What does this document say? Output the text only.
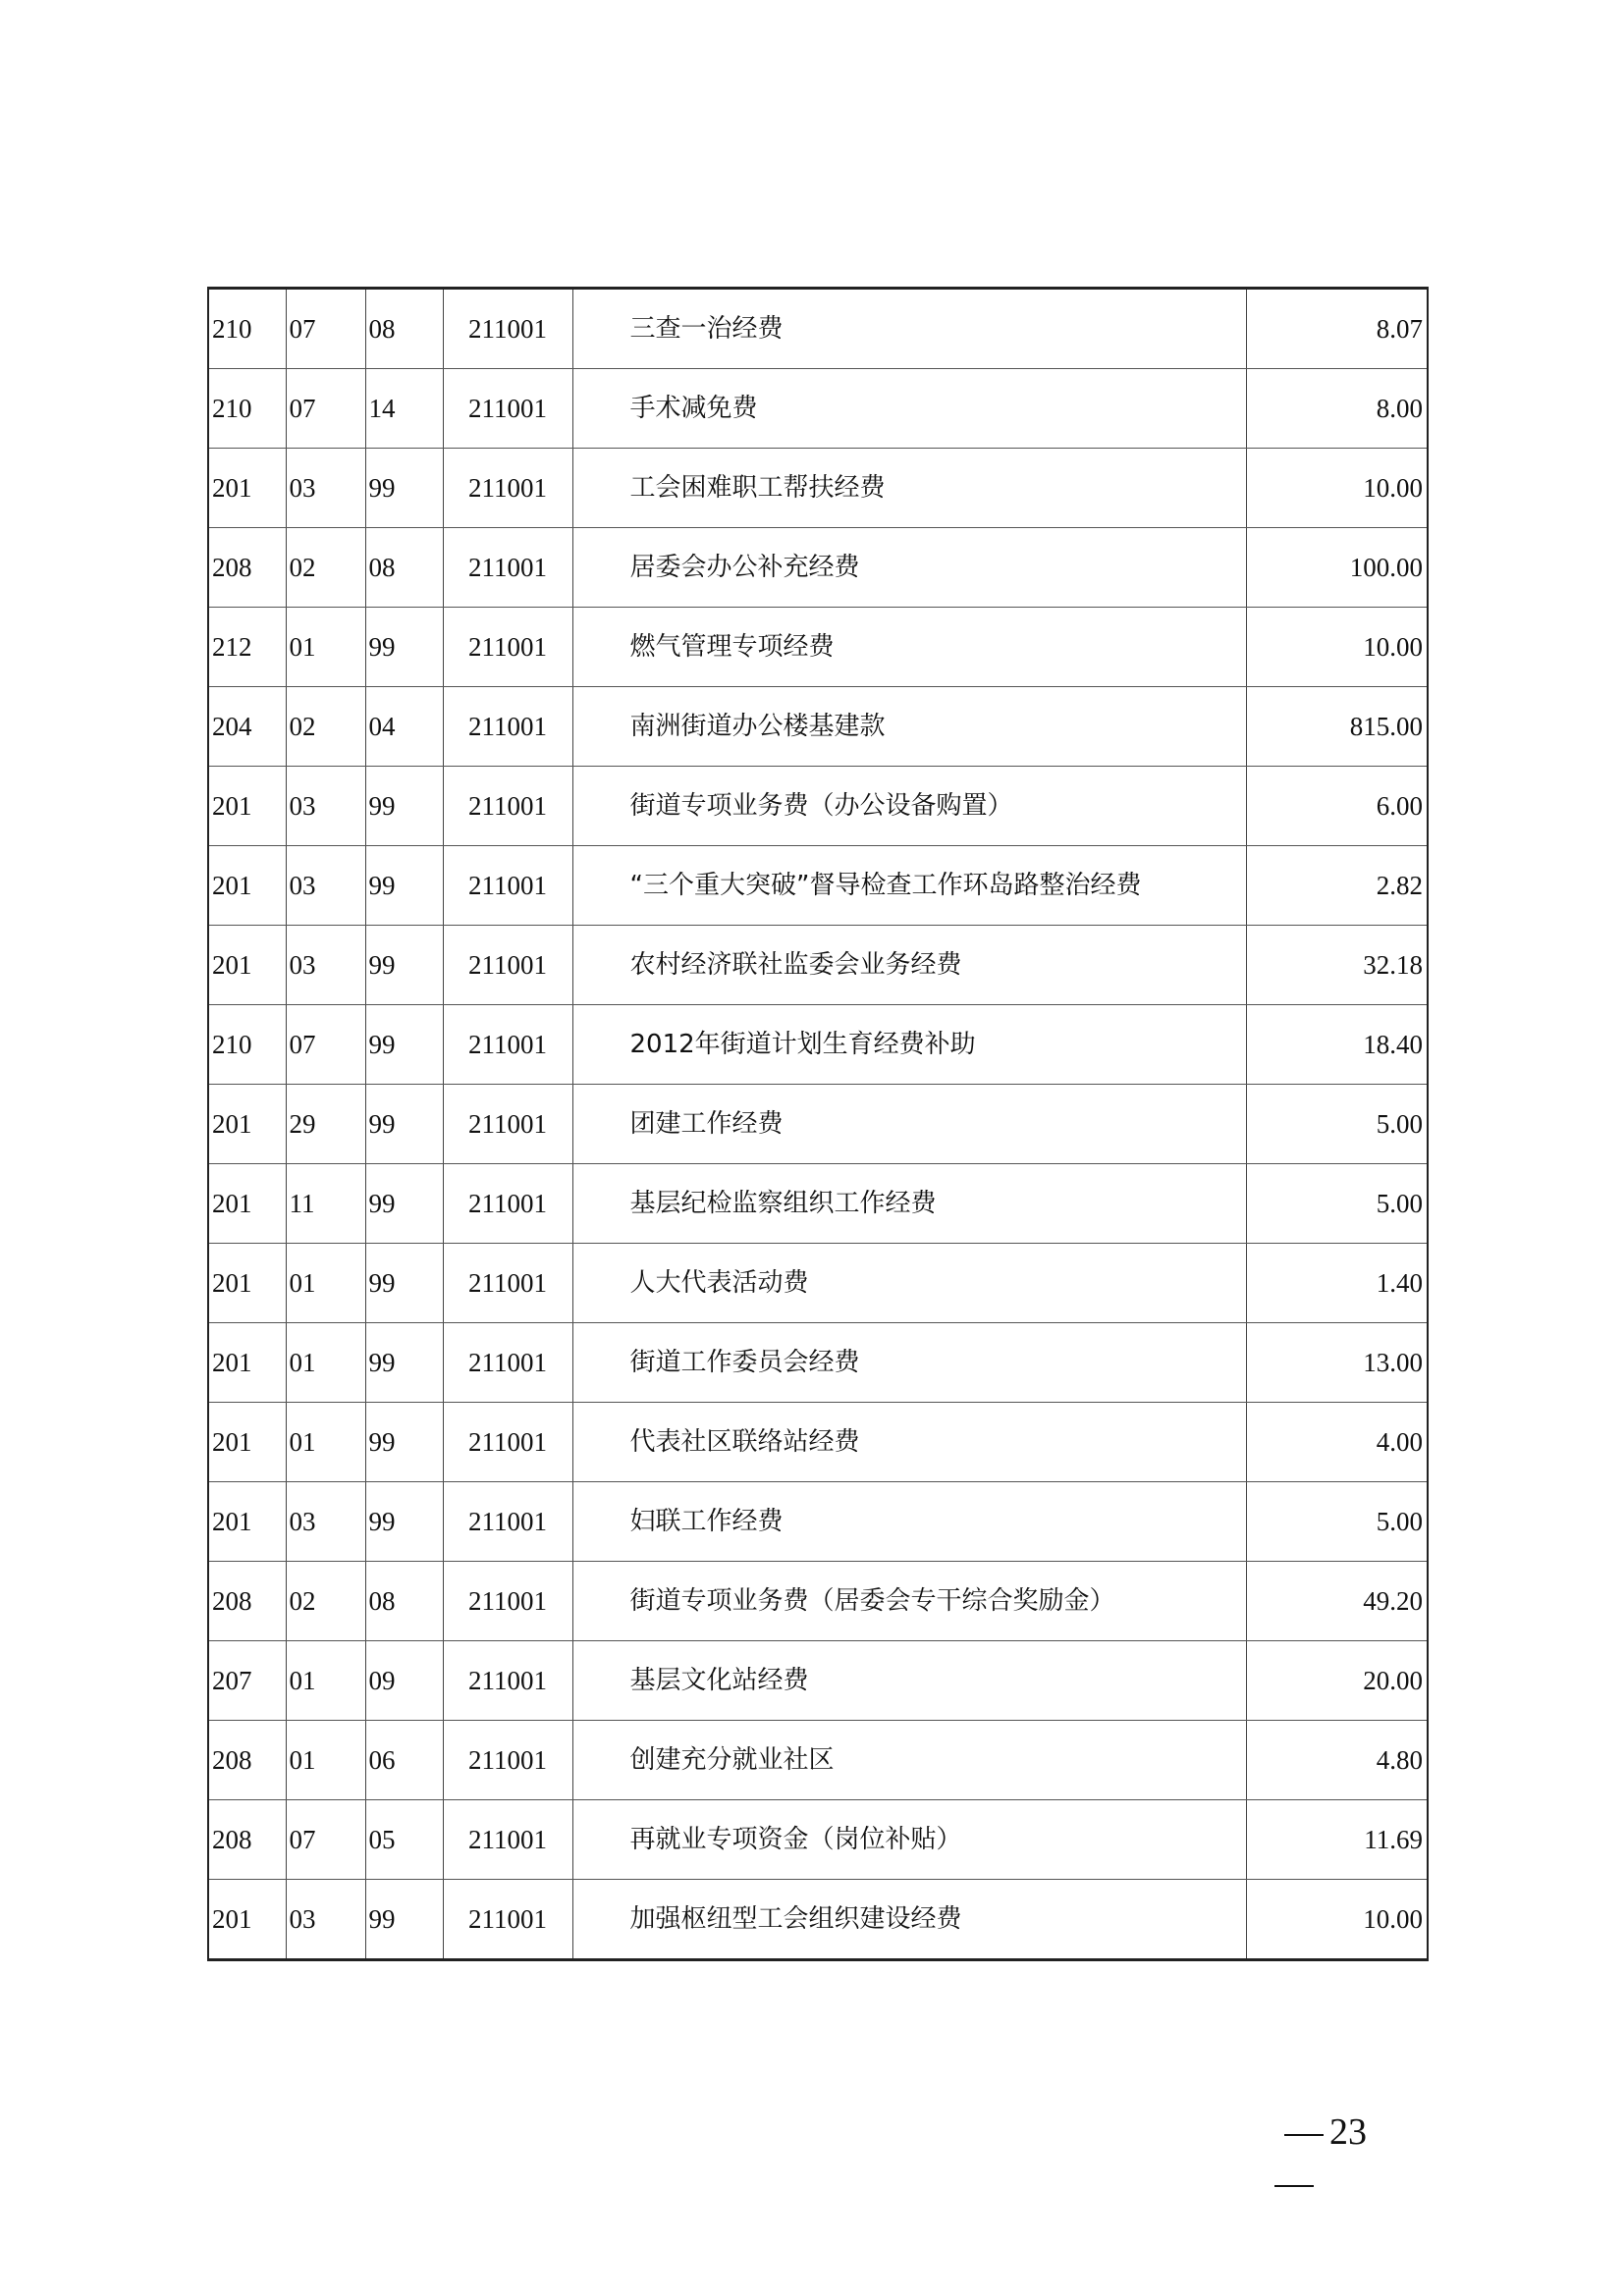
210	07	08	211001	三查一治经费	8.07
210	07	14	211001	手术减免费	8.00
201	03	99	211001	工会困难职工帮扶经费	10.00
208	02	08	211001	居委会办公补充经费	100.00
212	01	99	211001	燃气管理专项经费	10.00
204	02	04	211001	南洲街道办公楼基建款	815.00
201	03	99	211001	街道专项业务费（办公设备购置）	6.00
201	03	99	211001	“三个重大突破”督导检查工作环岛路整治经费	2.82
201	03	99	211001	农村经济联社监委会业务经费	32.18
210	07	99	211001	2012年街道计划生育经费补助	18.40
201	29	99	211001	团建工作经费	5.00
201	11	99	211001	基层纪检监察组织工作经费	5.00
201	01	99	211001	人大代表活动费	1.40
201	01	99	211001	街道工作委员会经费	13.00
201	01	99	211001	代表社区联络站经费	4.00
201	03	99	211001	妇联工作经费	5.00
208	02	08	211001	街道专项业务费（居委会专干综合奖励金）	49.20
207	01	09	211001	基层文化站经费	20.00
208	01	06	211001	创建充分就业社区	4.80
208	07	05	211001	再就业专项资金（岗位补贴）	11.69
201	03	99	211001	加强枢纽型工会组织建设经费	10.00
23
